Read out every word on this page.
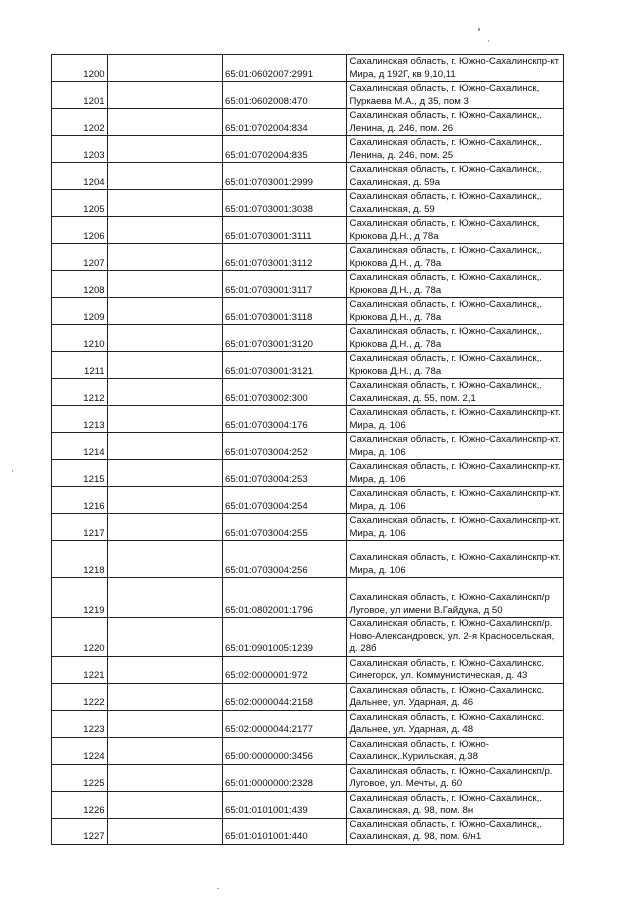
1200		65:01:0602007:2991	Сахалинская область, г. Южно-Сахалинскпр-кт
Мира, д 192Г, кв 9,10,11
1201		65:01:0602008:470	Сахалинская область, г. Южно-Сахалинск,
Пуркаева М.А., д 35, пом 3
1202		65:01:0702004:834	Сахалинская область, г. Южно-Сахалинск,.
Ленина, д. 246, пом. 26
1203		65:01:0702004:835	Сахалинская область, г. Южно-Сахалинск,.
Ленина, д. 246, пом. 25
1204		65:01:0703001:2999	Сахалинская область, г. Южно-Сахалинск,.
Сахалинская, д. 59а
1205		65:01:0703001:3038	Сахалинская область, г. Южно-Сахалинск,.
Сахалинская, д. 59
1206		65:01:0703001:3111	Сахалинская область, г. Южно-Сахалинск,
Крюкова Д.Н., д 78а
1207		65:01:0703001:3112	Сахалинская область, г. Южно-Сахалинск,.
Крюкова Д.Н., д. 78а
1208		65:01:0703001:3117	Сахалинская область, г. Южно-Сахалинск,.
Крюкова Д.Н., д. 78а
1209		65:01:0703001:3118	Сахалинская область, г. Южно-Сахалинск,.
Крюкова Д.Н., д. 78а
1210		65:01:0703001:3120	Сахалинская область, г. Южно-Сахалинск,.
Крюкова Д.Н., д. 78а
1211		65:01:0703001:3121	Сахалинская область, г. Южно-Сахалинск,.
Крюкова Д.Н., д. 78а
1212		65:01:0703002:300	Сахалинская область, г. Южно-Сахалинск,.
Сахалинская, д. 55, пом. 2,1
1213		65:01:0703004:176	Сахалинская область, г. Южно-Сахалинскпр-кт.
Мира, д. 106
1214		65:01:0703004:252	Сахалинская область, г. Южно-Сахалинскпр-кт.
Мира, д. 106
1215		65:01:0703004:253	Сахалинская область, г. Южно-Сахалинскпр-кт.
Мира, д. 106
1216		65:01:0703004:254	Сахалинская область, г. Южно-Сахалинскпр-кт.
Мира, д. 106
1217		65:01:0703004:255	Сахалинская область, г. Южно-Сахалинскпр-кт.
Мира, д. 106
1218		65:01:0703004:256	Сахалинская область, г. Южно-Сахалинскпр-кт.
Мира, д. 106
1219		65:01:0802001:1796	Сахалинская область, г. Южно-Сахалинскп/р
Луговое, ул имени В.Гайдука, д 50
1220		65:01:0901005:1239	Сахалинская область, г. Южно-Сахалинскп/р.
Ново-Александровск, ул. 2-я Красносельская,
д. 28б
1221		65:02:0000001:972	Сахалинская область, г. Южно-Сахалинскс.
Синегорск, ул. Коммунистическая, д. 43
1222		65:02:0000044:2158	Сахалинская область, г. Южно-Сахалинскс.
Дальнее, ул. Ударная, д. 46
1223		65:02:0000044:2177	Сахалинская область, г. Южно-Сахалинскс.
Дальнее, ул. Ударная, д. 48
1224		65:00:0000000:3456	Сахалинская область, г. Южно-
Сахалинск,.Курильская, д.38
1225		65:01:0000000:2328	Сахалинская область, г. Южно-Сахалинскп/р.
Луговое, ул. Мечты, д. 60
1226		65:01:0101001:439	Сахалинская область, г. Южно-Сахалинск,.
Сахалинская, д. 98, пом. 8н
1227		65:01:0101001:440	Сахалинская область, г. Южно-Сахалинск,.
Сахалинская, д. 98, пом. 6/н1
